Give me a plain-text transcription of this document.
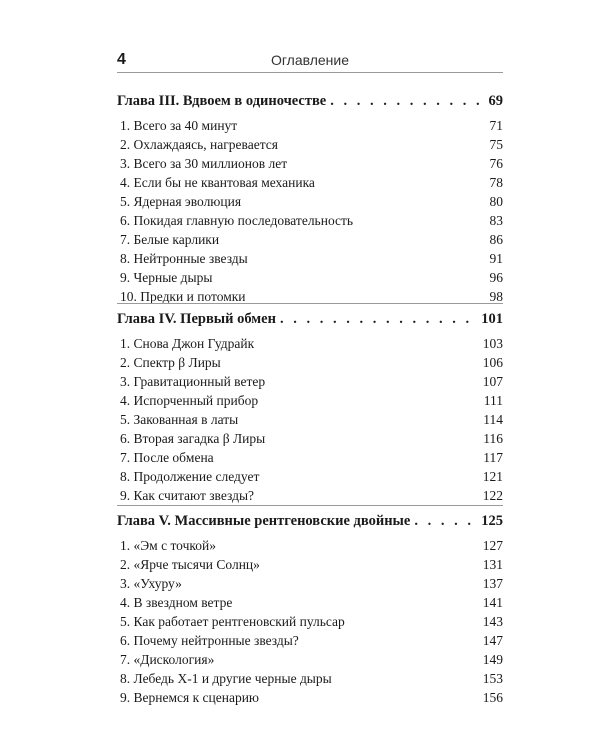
4	Оглавление
Глава III. Вдвоем в одиночестве . . .	69
1. Всего за 40 минут	71
2. Охлаждаясь, нагревается	75
3. Всего за 30 миллионов лет	76
4. Если бы не квантовая механика	78
5. Ядерная эволюция	80
6. Покидая главную последовательность	83
7. Белые карлики	86
8. Нейтронные звезды	91
9. Черные дыры	96
10. Предки и потомки	98
Глава IV. Первый обмен . . .	101
1. Снова Джон Гудрайк	103
2. Спектр β Лиры	106
3. Гравитационный ветер	107
4. Испорченный прибор	111
5. Закованная в латы	114
6. Вторая загадка β Лиры	116
7. После обмена	117
8. Продолжение следует	121
9. Как считают звезды?	122
Глава V. Массивные рентгеновские двойные . . .	125
1. «Эм с точкой»	127
2. «Ярче тысячи Солнц»	131
3. «Ухуру»	137
4. В звездном ветре	141
5. Как работает рентгеновский пульсар	143
6. Почему нейтронные звезды?	147
7. «Дискология»	149
8. Лебедь Х-1 и другие черные дыры	153
9. Вернемся к сценарию	156
